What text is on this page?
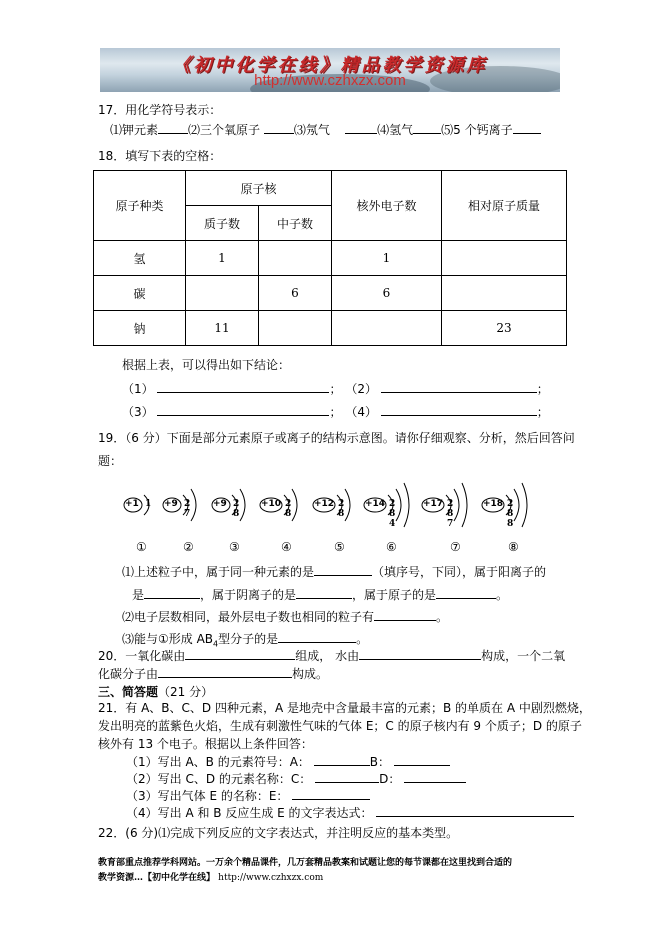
《初中化学在线》精品教学资源库
http://www.czhxzx.com
17．用化学符号表示：
⑴钾元素	⑵三个氧原子	⑶氖气	⑷氢气 ⑸5 个钙离子
18．填写下表的空格：
原子种类	原子核		核外电子数	相对原子质量
	质子数	中子数		
氢	1		1	
碳		6	6	
钠	11			23
根据上表，可以得出如下结论：
（1）	； （2）	；
（3）	； （4）	；
19．（6 分）下面是部分元素原子或离子的结构示意图。请你仔细观察、分析，然后回答问
题：
+1 1 +9 2 7
+9 2 8
+10 2 8
+12 2 8
+14 2 8 4
+17 2 8 7
+18 2 8 8
⑴上述粒子中，属于同一种元素的是	（填序号，下同），属于阳离子的
是	，属于阴离子的是	，属于原子的是	。
⑵电子层数相同，最外层电子数也相同的粒子有	。
⑶能与①形成 $AB_4$型分子的是	。
20．一氧化碳由	组成， 水由	构成，一个二氧
化碳分子由	构成。
三、简答题（21 分）
21．有 A、B、C、D 四种元素，A 是地壳中含量最丰富的元素；B 的单质在 A 中剧烈燃烧，
发出明亮的蓝紫色火焰，生成有刺激性气味的气体 E；C 的原子核内有 9 个质子；D 的原子
核外有 13 个电子。根据以上条件回答：
（1）写出 A、B 的元素符号：A：	B：
（2）写出 C、D 的元素名称：C：	D：
（3）写出气体 E 的名称：E：
（4）写出 A 和 B 反应生成 E 的文字表达式：
22．(6 分)⑴完成下列反应的文字表达式，并注明反应的基本类型。
教育部重点推荐学科网站。一万余个精品课件，几万套精品教案和试题让您的每节课都在这里找到合适的
教学资源…【初中化学在线】 http://www.czhxzx.com
①	②	③	④	⑤	⑥	⑦	⑧
